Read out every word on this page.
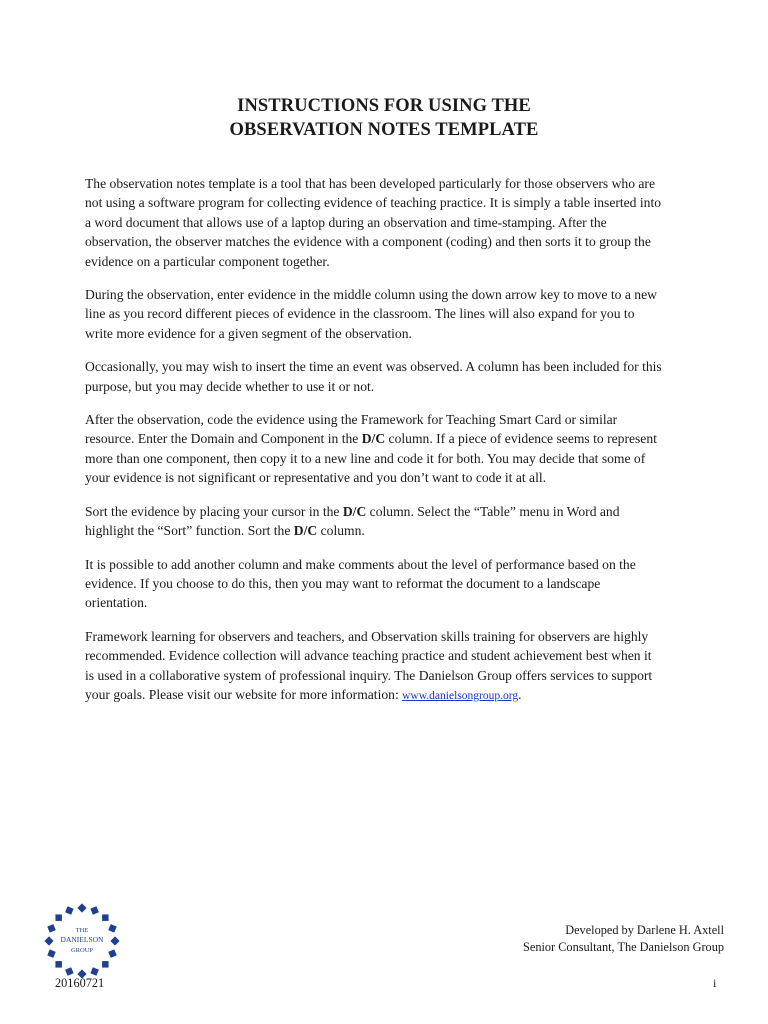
INSTRUCTIONS FOR USING THE
OBSERVATION NOTES TEMPLATE

The observation notes template is a tool that has been developed particularly for those observers who are not using a software program for collecting evidence of teaching practice. It is simply a table inserted into a word document that allows use of a laptop during an observation and time-stamping. After the observation, the observer matches the evidence with a component (coding) and then sorts it to group the evidence on a particular component together.

During the observation, enter evidence in the middle column using the down arrow key to move to a new line as you record different pieces of evidence in the classroom. The lines will also expand for you to write more evidence for a given segment of the observation.

Occasionally, you may wish to insert the time an event was observed. A column has been included for this purpose, but you may decide whether to use it or not.

After the observation, code the evidence using the Framework for Teaching Smart Card or similar resource. Enter the Domain and Component in the D/C column. If a piece of evidence seems to represent more than one component, then copy it to a new line and code it for both. You may decide that some of your evidence is not significant or representative and you don’t want to code it at all.

Sort the evidence by placing your cursor in the D/C column. Select the “Table” menu in Word and highlight the “Sort” function. Sort the D/C column.

It is possible to add another column and make comments about the level of performance based on the evidence. If you choose to do this, then you may want to reformat the document to a landscape orientation.

Framework learning for observers and teachers, and Observation skills training for observers are highly recommended. Evidence collection will advance teaching practice and student achievement best when it is used in a collaborative system of professional inquiry. The Danielson Group offers services to support your goals. Please visit our website for more information: www.danielsongroup.org.

THE
DANIELSON
GROUP
Developed by Darlene H. Axtell
Senior Consultant, The Danielson Group
20160721	i
